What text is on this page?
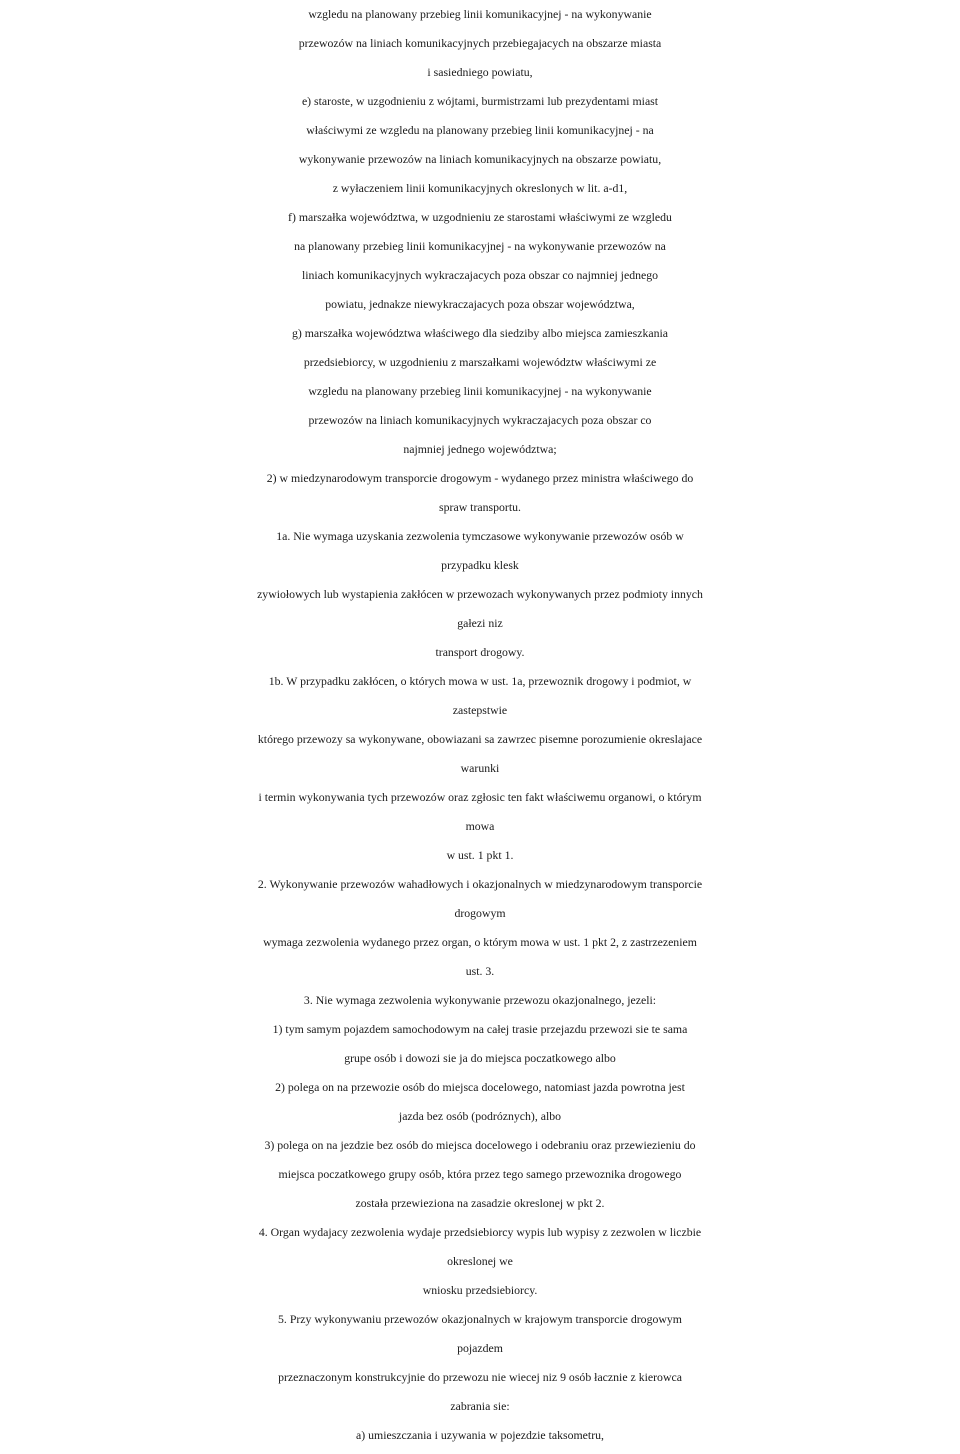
wzgledu na planowany przebieg linii komunikacyjnej - na wykonywanie
przewozów na liniach komunikacyjnych przebiegajacych na obszarze miasta
i sasiedniego powiatu,
e) staroste, w uzgodnieniu z wójtami, burmistrzami lub prezydentami miast
właściwymi ze wzgledu na planowany przebieg linii komunikacyjnej - na
wykonywanie przewozów na liniach komunikacyjnych na obszarze powiatu,
z wyłaczeniem linii komunikacyjnych okreslonych w lit. a-d1,
f) marszałka województwa, w uzgodnieniu ze starostami właściwymi ze wzgledu
na planowany przebieg linii komunikacyjnej - na wykonywanie przewozów na
liniach komunikacyjnych wykraczajacych poza obszar co najmniej jednego
powiatu, jednakze niewykraczajacych poza obszar województwa,
g) marszałka województwa właściwego dla siedziby albo miejsca zamieszkania
przedsiebiorcy, w uzgodnieniu z marszałkami województw właściwymi ze
wzgledu na planowany przebieg linii komunikacyjnej - na wykonywanie
przewozów na liniach komunikacyjnych wykraczajacych poza obszar co
najmniej jednego województwa;
2) w miedzynarodowym transporcie drogowym - wydanego przez ministra właściwego do
spraw transportu.
1a. Nie wymaga uzyskania zezwolenia tymczasowe wykonywanie przewozów osób w
przypadku klesk
zywiołowych lub wystapienia zakłócen w przewozach wykonywanych przez podmioty innych
gałezi niz
transport drogowy.
1b. W przypadku zakłócen, o których mowa w ust. 1a, przewoznik drogowy i podmiot, w
zastepstwie
którego przewozy sa wykonywane, obowiazani sa zawrzec pisemne porozumienie okreslajace
warunki
i termin wykonywania tych przewozów oraz zgłosic ten fakt właściwemu organowi, o którym
mowa
w ust. 1 pkt 1.
2. Wykonywanie przewozów wahadłowych i okazjonalnych w miedzynarodowym transporcie
drogowym
wymaga zezwolenia wydanego przez organ, o którym mowa w ust. 1 pkt 2, z zastrzezeniem
ust. 3.
3. Nie wymaga zezwolenia wykonywanie przewozu okazjonalnego, jezeli:
1) tym samym pojazdem samochodowym na całej trasie przejazdu przewozi sie te sama
grupe osób i dowozi sie ja do miejsca poczatkowego albo
2) polega on na przewozie osób do miejsca docelowego, natomiast jazda powrotna jest
jazda bez osób (podróznych), albo
3) polega on na jezdzie bez osób do miejsca docelowego i odebraniu oraz przewiezieniu do
miejsca poczatkowego grupy osób, która przez tego samego przewoznika drogowego
została przewieziona na zasadzie okreslonej w pkt 2.
4. Organ wydajacy zezwolenia wydaje przedsiebiorcy wypis lub wypisy z zezwolen w liczbie
okreslonej we
wniosku przedsiebiorcy.
5. Przy wykonywaniu przewozów okazjonalnych w krajowym transporcie drogowym
pojazdem
przeznaczonym konstrukcyjnie do przewozu nie wiecej niz 9 osób łacznie z kierowca
zabrania sie:
a) umieszczania i uzywania w pojezdzie taksometru,
